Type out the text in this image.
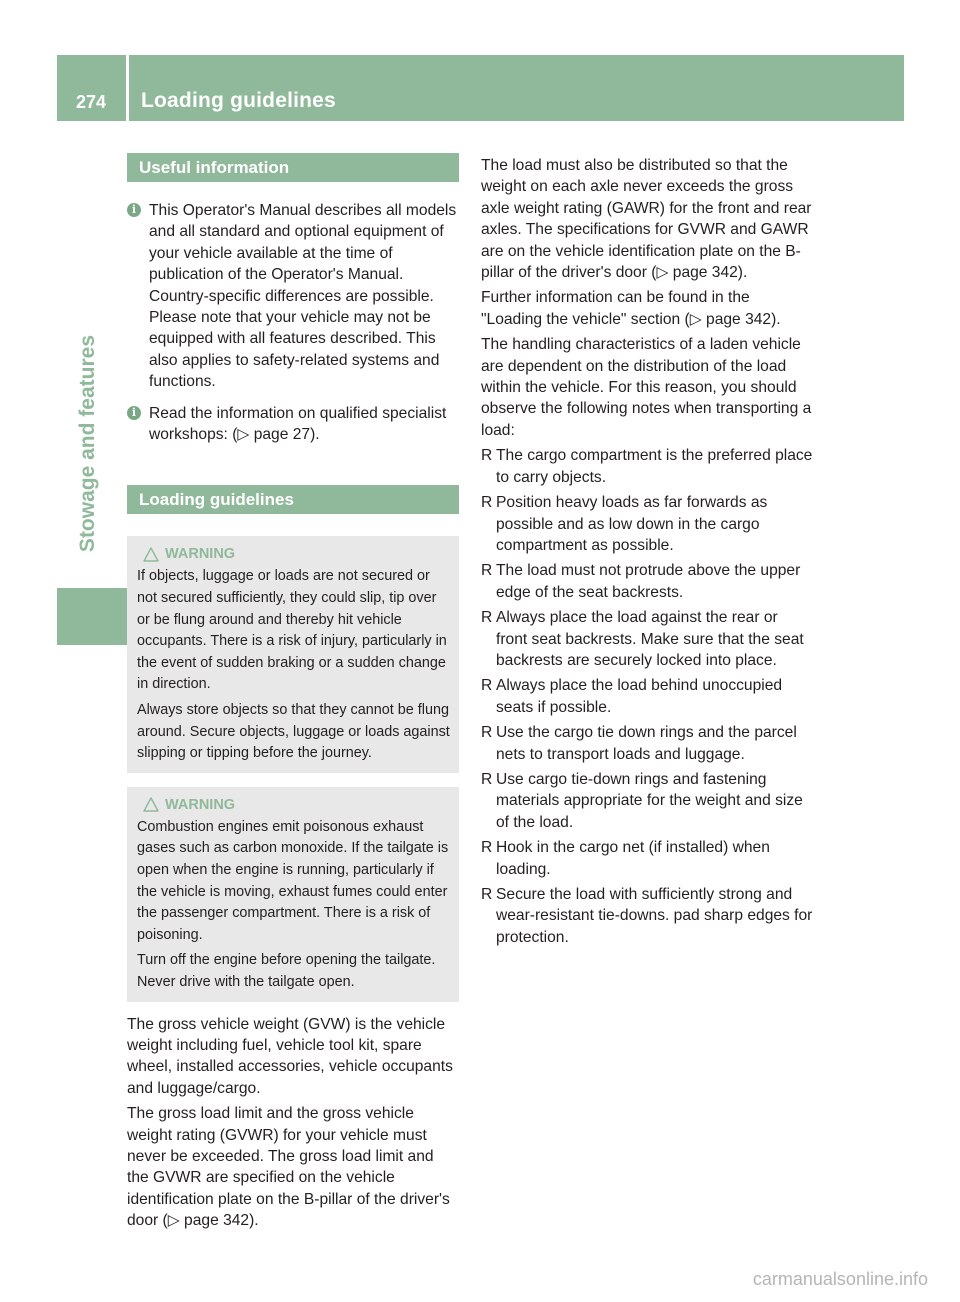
274	Loading guidelines
Stowage and features
Useful information
i This Operator's Manual describes all models and all standard and optional equipment of your vehicle available at the time of publication of the Operator's Manual. Country-specific differences are possible. Please note that your vehicle may not be equipped with all features described. This also applies to safety-related systems and functions.

i Read the information on qualified specialist workshops: (▷ page 27).

Loading guidelines
WARNING

If objects, luggage or loads are not secured or not secured sufficiently, they could slip, tip over or be flung around and thereby hit vehicle occupants. There is a risk of injury, particularly in the event of sudden braking or a sudden change in direction.

Always store objects so that they cannot be flung around. Secure objects, luggage or loads against slipping or tipping before the journey.

WARNING

Combustion engines emit poisonous exhaust gases such as carbon monoxide. If the tailgate is open when the engine is running, particularly if the vehicle is moving, exhaust fumes could enter the passenger compartment. There is a risk of poisoning.

Turn off the engine before opening the tailgate. Never drive with the tailgate open.

The gross vehicle weight (GVW) is the vehicle weight including fuel, vehicle tool kit, spare wheel, installed accessories, vehicle occupants and luggage/cargo.

The gross load limit and the gross vehicle weight rating (GVWR) for your vehicle must never be exceeded. The gross load limit and the GVWR are specified on the vehicle identification plate on the B-pillar of the driver's door (▷ page 342).

The load must also be distributed so that the weight on each axle never exceeds the gross axle weight rating (GAWR) for the front and rear axles. The specifications for GVWR and GAWR are on the vehicle identification plate on the B-pillar of the driver's door (▷ page 342).

Further information can be found in the "Loading the vehicle" section (▷ page 342).

The handling characteristics of a laden vehicle are dependent on the distribution of the load within the vehicle. For this reason, you should observe the following notes when transporting a load:

R The cargo compartment is the preferred place to carry objects.

R Position heavy loads as far forwards as possible and as low down in the cargo compartment as possible.

R The load must not protrude above the upper edge of the seat backrests.

R Always place the load against the rear or front seat backrests. Make sure that the seat backrests are securely locked into place.

R Always place the load behind unoccupied seats if possible.

R Use the cargo tie down rings and the parcel nets to transport loads and luggage.

R Use cargo tie-down rings and fastening materials appropriate for the weight and size of the load.

R Hook in the cargo net (if installed) when loading.

R Secure the load with sufficiently strong and wear-resistant tie-downs. pad sharp edges for protection.

carmanualsonline.info
